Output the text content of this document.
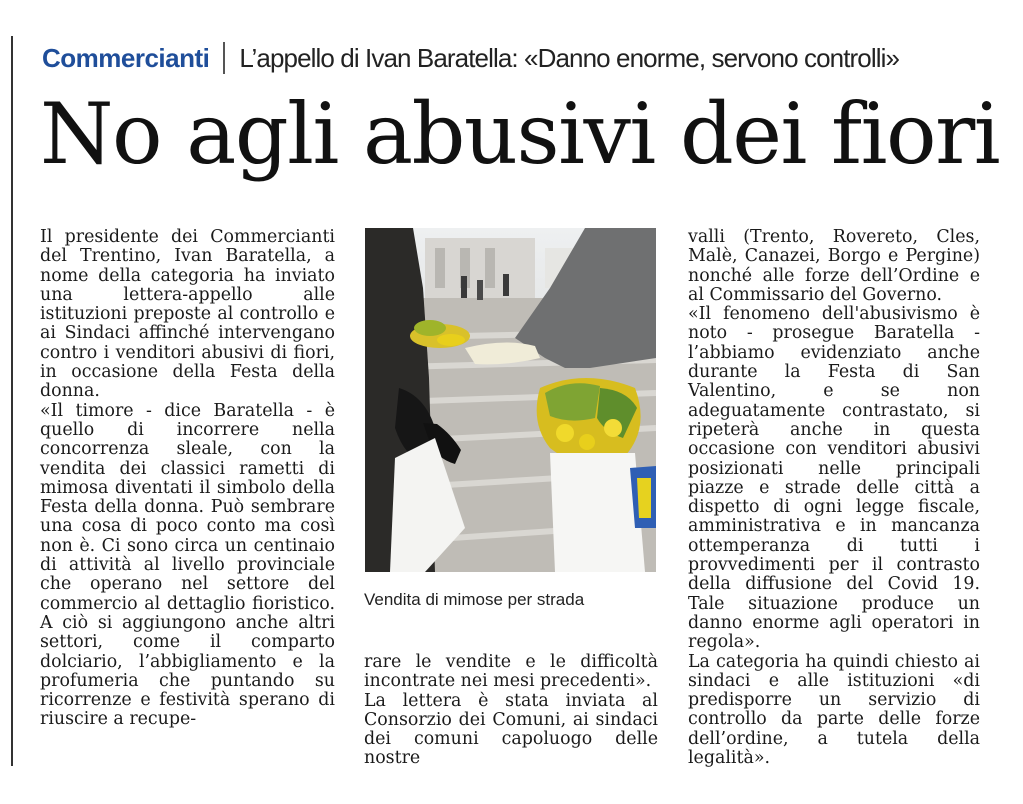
Commercianti L’appello di Ivan Baratella: «Danno enorme, servono controlli»
No agli abusivi dei fiori

Il presidente dei Commercianti del Trentino, Ivan Baratella, a nome della categoria ha inviato una lettera-appello alle istituzioni preposte al controllo e ai Sindaci affinché intervengano contro i venditori abusivi di fiori, in occasione della Festa della donna.

«Il timore - dice Baratella - è quello di incorrere nella concorrenza sleale, con la vendita dei classici rametti di mimosa diventati il simbolo della Festa della donna. Può sembrare una cosa di poco conto ma così non è. Ci sono circa un centinaio di attività al livello provinciale che operano nel settore del commercio al dettaglio fioristico. A ciò si aggiungono anche altri settori, come il comparto dolciario, l’abbigliamento e la profumeria che puntando su ricorrenze e festività sperano di riuscire a recupe-

Vendita di mimose per strada

rare le vendite e le difficoltà incontrate nei mesi precedenti».

La lettera è stata inviata al Consorzio dei Comuni, ai sindaci dei comuni capoluogo delle nostre

valli (Trento, Rovereto, Cles, Malè, Canazei, Borgo e Pergine) nonché alle forze dell’Ordine e al Commissario del Governo.

«Il fenomeno dell'abusivismo è noto - prosegue Baratella - l’abbiamo evidenziato anche durante la Festa di San Valentino, e se non adeguatamente contrastato, si ripeterà anche in questa occasione con venditori abusivi posizionati nelle principali piazze e strade delle città a dispetto di ogni legge fiscale, amministrativa e in mancanza ottemperanza di tutti i provvedimenti per il contrasto della diffusione del Covid 19. Tale situazione produce un danno enorme agli operatori in regola».

La categoria ha quindi chiesto ai sindaci e alle istituzioni «di predisporre un servizio di controllo da parte delle forze dell’ordine, a tutela della legalità».
